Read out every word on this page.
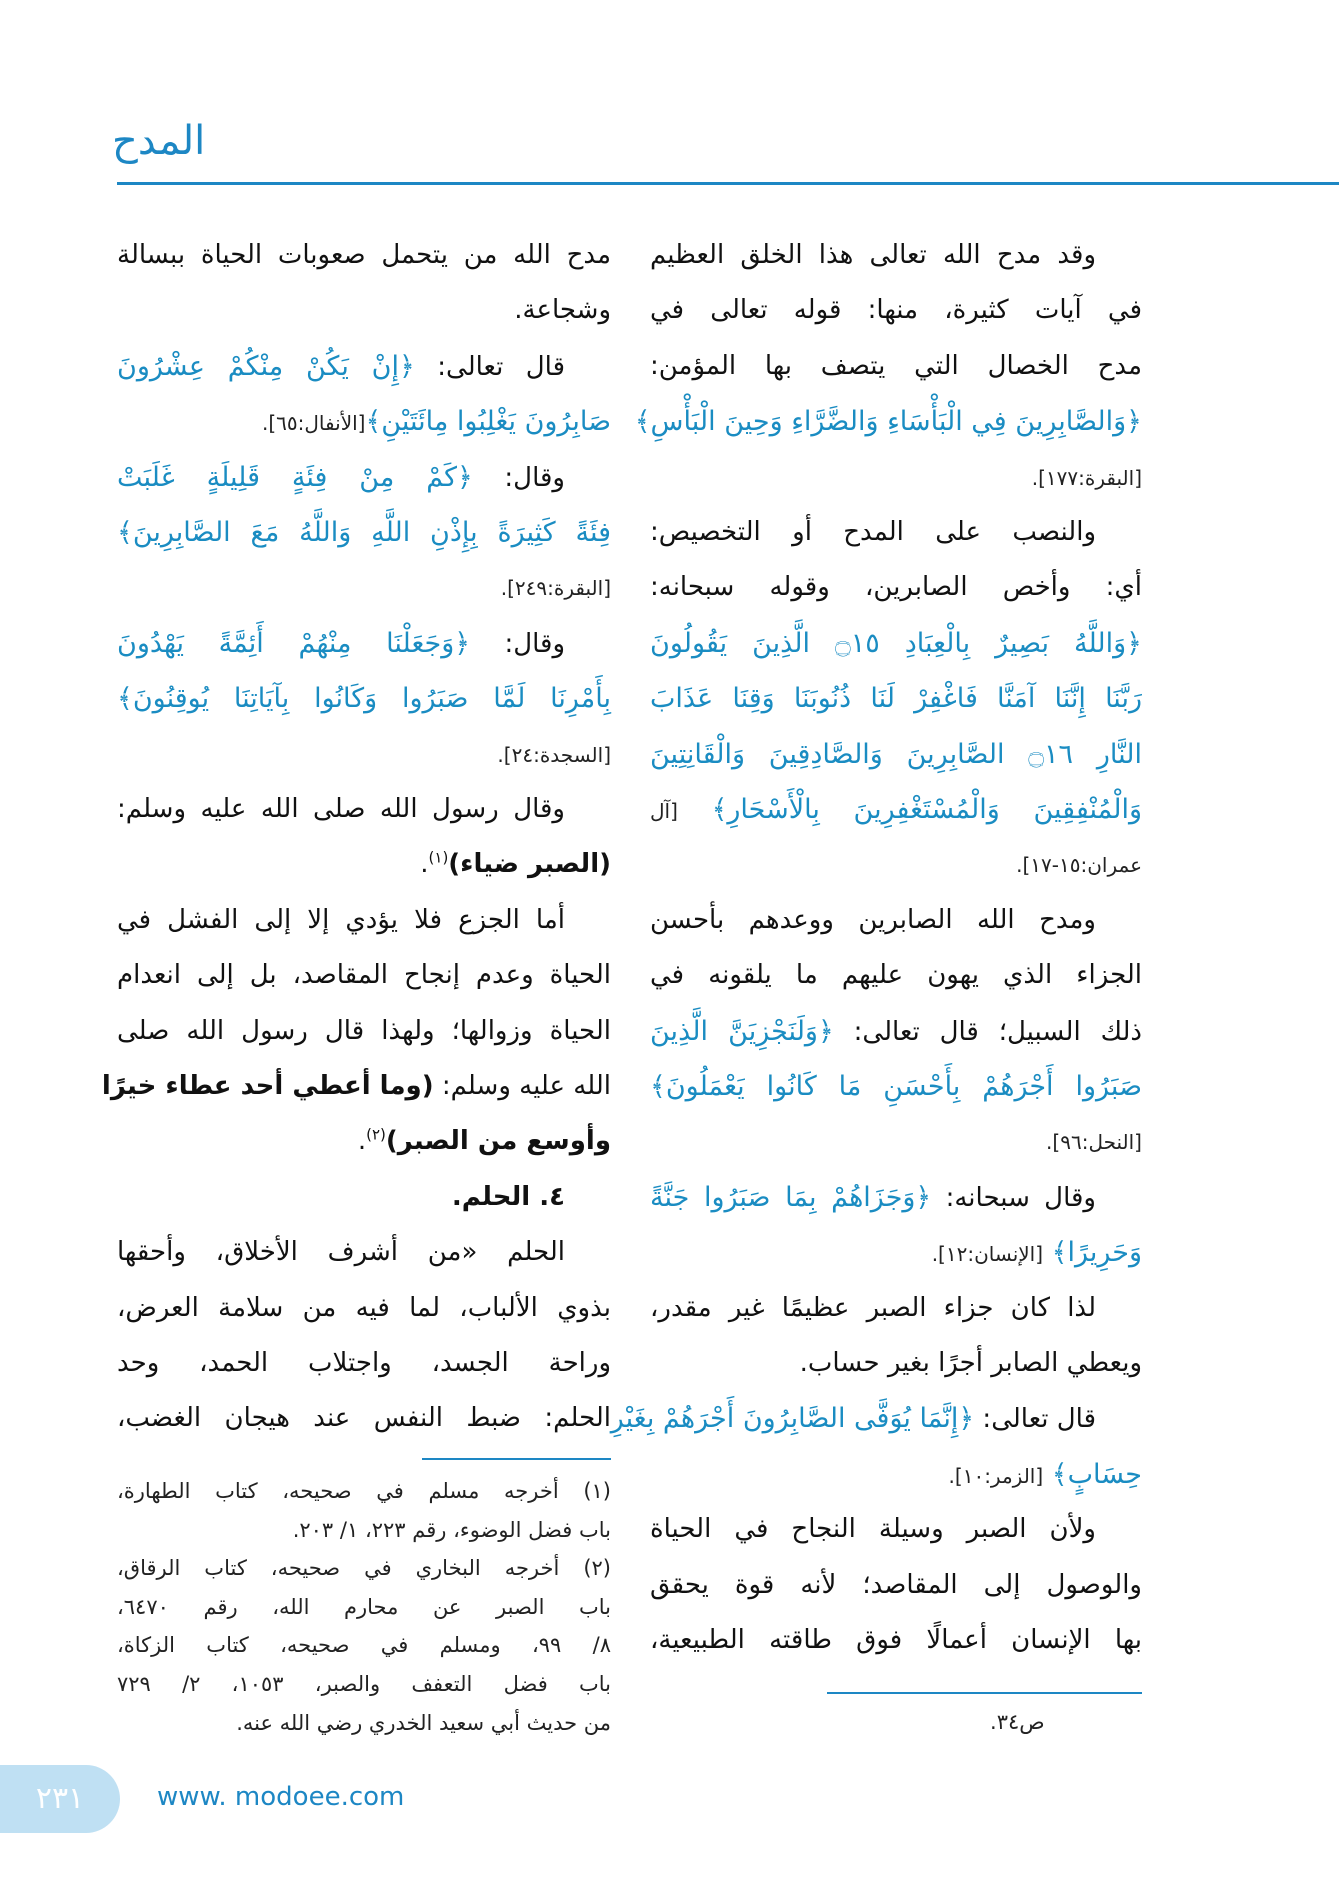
المدح
وقد مدح الله تعالى هذا الخلق العظيم
في آيات كثيرة، منها: قوله تعالى في
مدح الخصال التي يتصف بها المؤمن:
﴿وَالصَّابِرِينَ فِي الْبَأْسَاءِ وَالضَّرَّاءِ وَحِينَ الْبَأْسِ﴾
[البقرة:١٧٧].
والنصب على المدح أو التخصيص:
أي: وأخص الصابرين، وقوله سبحانه:
﴿وَاللَّهُ بَصِيرٌ بِالْعِبَادِ ۝١٥ الَّذِينَ يَقُولُونَ
رَبَّنَا إِنَّنَا آمَنَّا فَاغْفِرْ لَنَا ذُنُوبَنَا وَقِنَا عَذَابَ
النَّارِ ۝١٦ الصَّابِرِينَ وَالصَّادِقِينَ وَالْقَانِتِينَ
وَالْمُنْفِقِينَ وَالْمُسْتَغْفِرِينَ بِالْأَسْحَارِ﴾ [آل
عمران:١٥-١٧].
ومدح الله الصابرين ووعدهم بأحسن
الجزاء الذي يهون عليهم ما يلقونه في
ذلك السبيل؛ قال تعالى: ﴿وَلَنَجْزِيَنَّ الَّذِينَ
صَبَرُوا أَجْرَهُمْ بِأَحْسَنِ مَا كَانُوا يَعْمَلُونَ﴾
[النحل:٩٦].
وقال سبحانه: ﴿وَجَزَاهُمْ بِمَا صَبَرُوا جَنَّةً
وَحَرِيرًا﴾ [الإنسان:١٢].
لذا كان جزاء الصبر عظيمًا غير مقدر،
ويعطي الصابر أجرًا بغير حساب.
قال تعالى: ﴿إِنَّمَا يُوَفَّى الصَّابِرُونَ أَجْرَهُمْ بِغَيْرِ
حِسَابٍ﴾ [الزمر:١٠].
ولأن الصبر وسيلة النجاح في الحياة
والوصول إلى المقاصد؛ لأنه قوة يحقق
بها الإنسان أعمالًا فوق طاقته الطبيعية،
مدح الله من يتحمل صعوبات الحياة ببسالة
وشجاعة.
قال تعالى: ﴿إِنْ يَكُنْ مِنْكُمْ عِشْرُونَ
صَابِرُونَ يَغْلِبُوا مِائَتَيْنِ﴾[الأنفال:٦٥].
وقال: ﴿كَمْ مِنْ فِئَةٍ قَلِيلَةٍ غَلَبَتْ
فِئَةً كَثِيرَةً بِإِذْنِ اللَّهِ وَاللَّهُ مَعَ الصَّابِرِينَ﴾
[البقرة:٢٤٩].
وقال: ﴿وَجَعَلْنَا مِنْهُمْ أَئِمَّةً يَهْدُونَ
بِأَمْرِنَا لَمَّا صَبَرُوا وَكَانُوا بِآيَاتِنَا يُوقِنُونَ﴾
[السجدة:٢٤].
وقال رسول الله صلى الله عليه وسلم:
(الصبر ضياء)$^{(١)}$.
أما الجزع فلا يؤدي إلا إلى الفشل في
الحياة وعدم إنجاح المقاصد، بل إلى انعدام
الحياة وزوالها؛ ولهذا قال رسول الله صلى
الله عليه وسلم: (وما أعطي أحد عطاء خيرًا
وأوسع من الصبر)$^{(٢)}$.
٤. الحلم.
الحلم «من أشرف الأخلاق، وأحقها
بذوي الألباب، لما فيه من سلامة العرض،
وراحة الجسد، واجتلاب الحمد، وحد
الحلم: ضبط النفس عند هيجان الغضب،
ص٣٤.
(١) أخرجه مسلم في صحيحه، كتاب الطهارة،
باب فضل الوضوء، رقم ٢٢٣، ١/ ٢٠٣.
(٢) أخرجه البخاري في صحيحه، كتاب الرقاق،
باب الصبر عن محارم الله، رقم ٦٤٧٠،
٨/ ٩٩، ومسلم في صحيحه، كتاب الزكاة،
باب فضل التعفف والصبر، ١٠٥٣، ٢/ ٧٢٩
من حديث أبي سعيد الخدري رضي الله عنه.
٢٣١	www. modoee.com
